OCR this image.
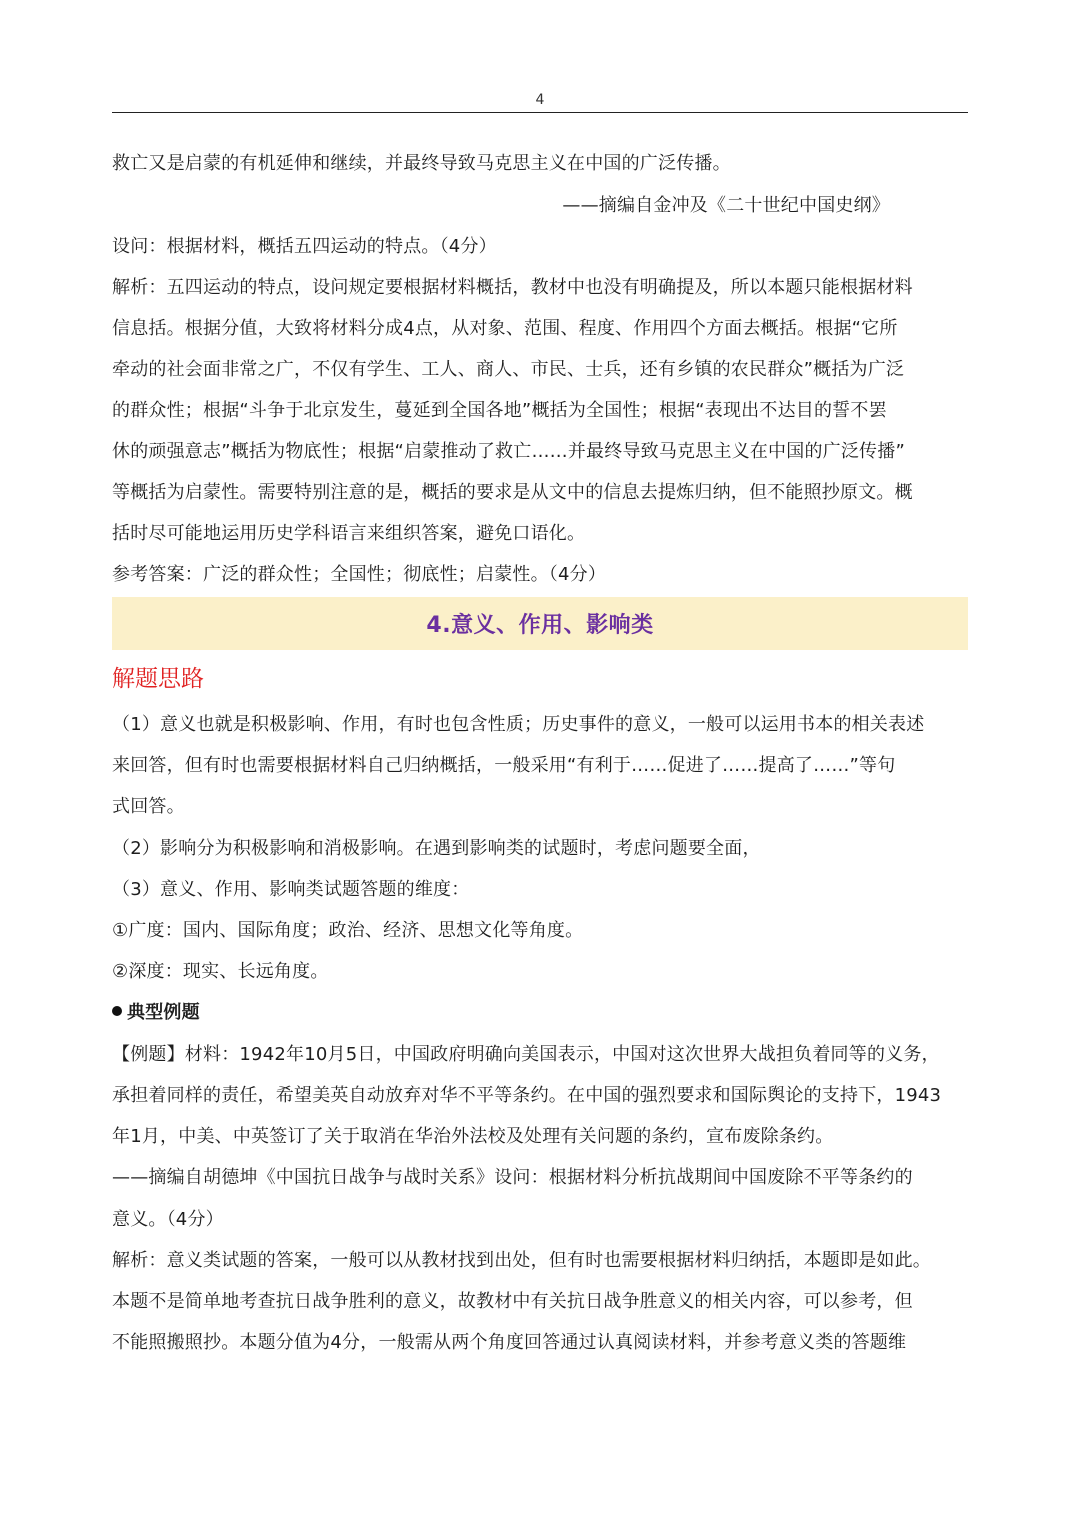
4
救亡又是启蒙的有机延伸和继续，并最终导致马克思主义在中国的广泛传播。
——摘编自金冲及《二十世纪中国史纲》
设问：根据材料，概括五四运动的特点。（4分）
解析：五四运动的特点，设问规定要根据材料概括，教材中也没有明确提及，所以本题只能根据材料
信息括。根据分值，大致将材料分成4点，从对象、范围、程度、作用四个方面去概括。根据“它所
牵动的社会面非常之广，不仅有学生、工人、商人、市民、士兵，还有乡镇的农民群众”概括为广泛
的群众性；根据“斗争于北京发生，蔓延到全国各地”概括为全国性；根据“表现出不达目的誓不罢
休的顽强意志”概括为物底性；根据“启蒙推动了救亡……并最终导致马克思主义在中国的广泛传播”
等概括为启蒙性。需要特别注意的是，概括的要求是从文中的信息去提炼归纳，但不能照抄原文。概
括时尽可能地运用历史学科语言来组织答案，避免口语化。
参考答案：广泛的群众性；全国性；彻底性；启蒙性。（4分）
4.意义、作用、影响类
解题思路
（1）意义也就是积极影响、作用，有时也包含性质；历史事件的意义，一般可以运用书本的相关表述
来回答，但有时也需要根据材料自己归纳概括，一般采用“有利于……促进了……提高了……”等句
式回答。
（2）影响分为积极影响和消极影响。在遇到影响类的试题时，考虑问题要全面，
（3）意义、作用、影响类试题答题的维度：
①广度：国内、国际角度；政治、经济、思想文化等角度。
②深度：现实、长远角度。
典型例题
【例题】材料：1942年10月5日，中国政府明确向美国表示，中国对这次世界大战担负着同等的义务，
承担着同样的责任，希望美英自动放弃对华不平等条约。在中国的强烈要求和国际舆论的支持下，1943
年1月，中美、中英签订了关于取消在华治外法校及处理有关问题的条约，宣布废除条约。
——摘编自胡德坤《中国抗日战争与战时关系》设问：根据材料分析抗战期间中国废除不平等条约的
意义。（4分）
解析：意义类试题的答案，一般可以从教材找到出处，但有时也需要根据材料归纳括，本题即是如此。
本题不是简单地考查抗日战争胜利的意义，故教材中有关抗日战争胜意义的相关内容，可以参考，但
不能照搬照抄。本题分值为4分，一般需从两个角度回答通过认真阅读材料，并参考意义类的答题维
